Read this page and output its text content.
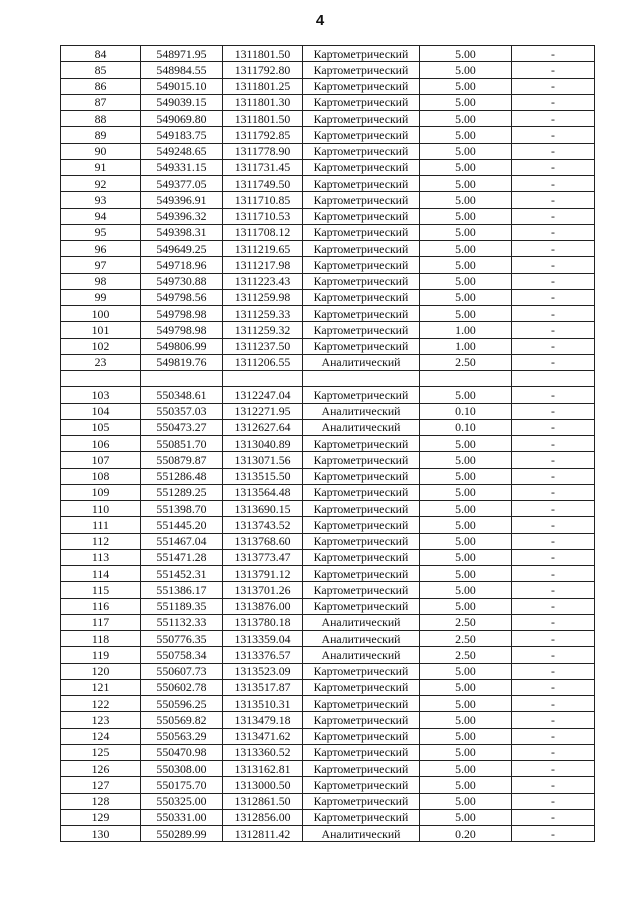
4
84	548971.95	1311801.50	Картометрический	5.00	-
85	548984.55	1311792.80	Картометрический	5.00	-
86	549015.10	1311801.25	Картометрический	5.00	-
87	549039.15	1311801.30	Картометрический	5.00	-
88	549069.80	1311801.50	Картометрический	5.00	-
89	549183.75	1311792.85	Картометрический	5.00	-
90	549248.65	1311778.90	Картометрический	5.00	-
91	549331.15	1311731.45	Картометрический	5.00	-
92	549377.05	1311749.50	Картометрический	5.00	-
93	549396.91	1311710.85	Картометрический	5.00	-
94	549396.32	1311710.53	Картометрический	5.00	-
95	549398.31	1311708.12	Картометрический	5.00	-
96	549649.25	1311219.65	Картометрический	5.00	-
97	549718.96	1311217.98	Картометрический	5.00	-
98	549730.88	1311223.43	Картометрический	5.00	-
99	549798.56	1311259.98	Картометрический	5.00	-
100	549798.98	1311259.33	Картометрический	5.00	-
101	549798.98	1311259.32	Картометрический	1.00	-
102	549806.99	1311237.50	Картометрический	1.00	-
23	549819.76	1311206.55	Аналитический	2.50	-

103	550348.61	1312247.04	Картометрический	5.00	-
104	550357.03	1312271.95	Аналитический	0.10	-
105	550473.27	1312627.64	Аналитический	0.10	-
106	550851.70	1313040.89	Картометрический	5.00	-
107	550879.87	1313071.56	Картометрический	5.00	-
108	551286.48	1313515.50	Картометрический	5.00	-
109	551289.25	1313564.48	Картометрический	5.00	-
110	551398.70	1313690.15	Картометрический	5.00	-
111	551445.20	1313743.52	Картометрический	5.00	-
112	551467.04	1313768.60	Картометрический	5.00	-
113	551471.28	1313773.47	Картометрический	5.00	-
114	551452.31	1313791.12	Картометрический	5.00	-
115	551386.17	1313701.26	Картометрический	5.00	-
116	551189.35	1313876.00	Картометрический	5.00	-
117	551132.33	1313780.18	Аналитический	2.50	-
118	550776.35	1313359.04	Аналитический	2.50	-
119	550758.34	1313376.57	Аналитический	2.50	-
120	550607.73	1313523.09	Картометрический	5.00	-
121	550602.78	1313517.87	Картометрический	5.00	-
122	550596.25	1313510.31	Картометрический	5.00	-
123	550569.82	1313479.18	Картометрический	5.00	-
124	550563.29	1313471.62	Картометрический	5.00	-
125	550470.98	1313360.52	Картометрический	5.00	-
126	550308.00	1313162.81	Картометрический	5.00	-
127	550175.70	1313000.50	Картометрический	5.00	-
128	550325.00	1312861.50	Картометрический	5.00	-
129	550331.00	1312856.00	Картометрический	5.00	-
130	550289.99	1312811.42	Аналитический	0.20	-
